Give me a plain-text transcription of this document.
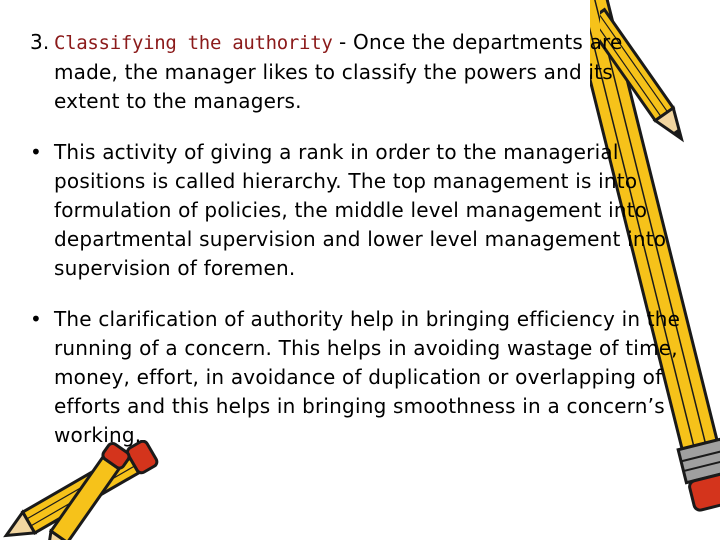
3. Classifying the authority - Once the departments are made, the manager likes to classify the powers and its extent to the managers.

• This activity of giving a rank in order to the managerial positions is called hierarchy. The top management is into formulation of policies, the middle level management into departmental supervision and lower level management into supervision of foremen.

• The clarification of authority help in bringing efficiency in the running of a concern. This helps in avoiding wastage of time, money, effort, in avoidance of duplication or overlapping of efforts and this helps in bringing smoothness in a concern’s working.
